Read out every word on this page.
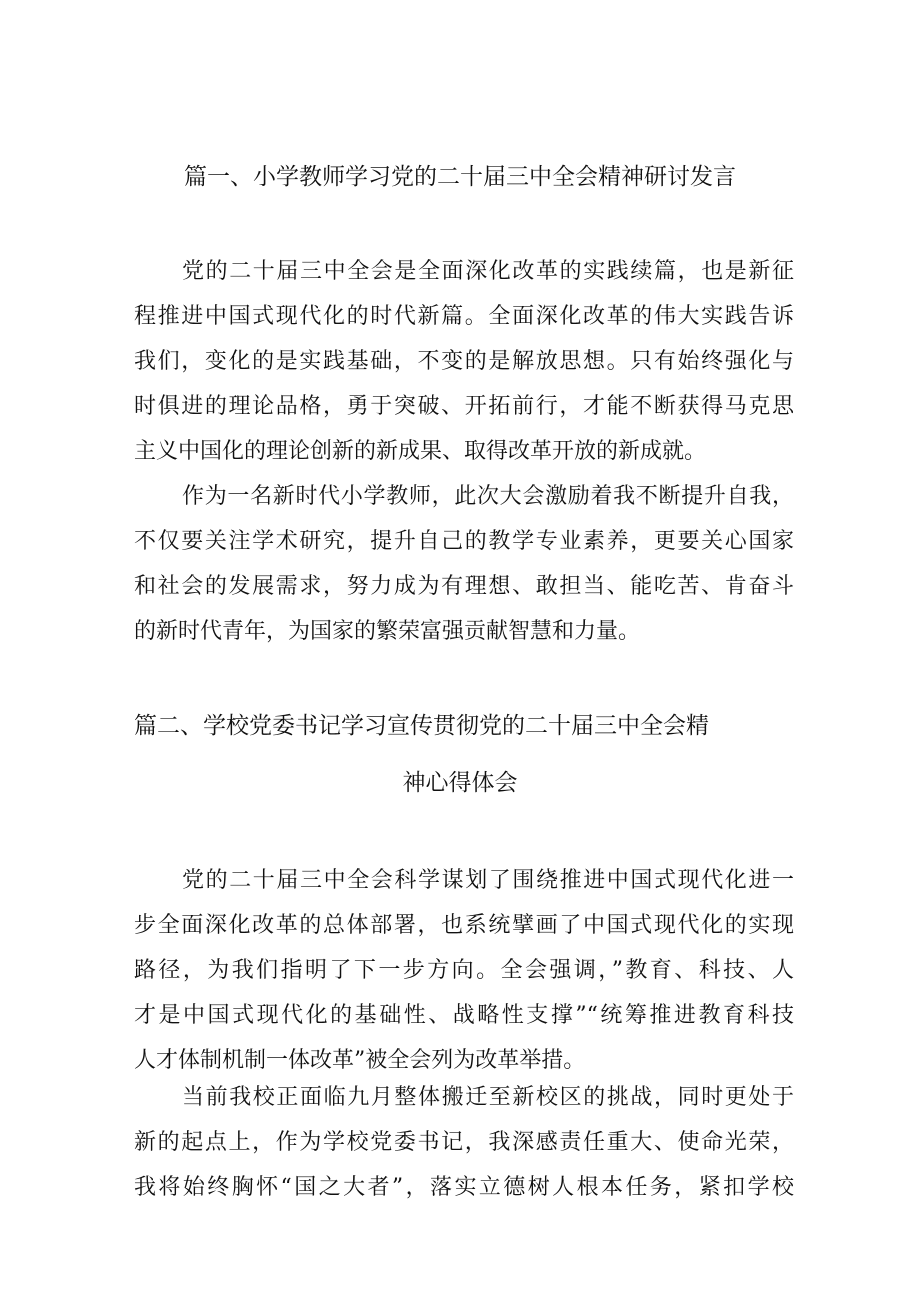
篇一、小学教师学习党的二十届三中全会精神研讨发言
党的二十届三中全会是全面深化改革的实践续篇，也是新征
程推进中国式现代化的时代新篇。全面深化改革的伟大实践告诉
我们，变化的是实践基础，不变的是解放思想。只有始终强化与
时俱进的理论品格，勇于突破、开拓前行，才能不断获得马克思
主义中国化的理论创新的新成果、取得改革开放的新成就。
作为一名新时代小学教师，此次大会激励着我不断提升自我，
不仅要关注学术研究，提升自己的教学专业素养，更要关心国家
和社会的发展需求，努力成为有理想、敢担当、能吃苦、肯奋斗
的新时代青年，为国家的繁荣富强贡献智慧和力量。
篇二、学校党委书记学习宣传贯彻党的二十届三中全会精
神心得体会
党的二十届三中全会科学谋划了围绕推进中国式现代化进一
步全面深化改革的总体部署，也系统擘画了中国式现代化的实现
路径，为我们指明了下一步方向。全会强调，”教育、科技、人
才是中国式现代化的基础性、战略性支撑”“统筹推进教育科技
人才体制机制一体改革”被全会列为改革举措。
当前我校正面临九月整体搬迁至新校区的挑战，同时更处于
新的起点上，作为学校党委书记，我深感责任重大、使命光荣，
我将始终胸怀“国之大者”，落实立德树人根本任务，紧扣学校
